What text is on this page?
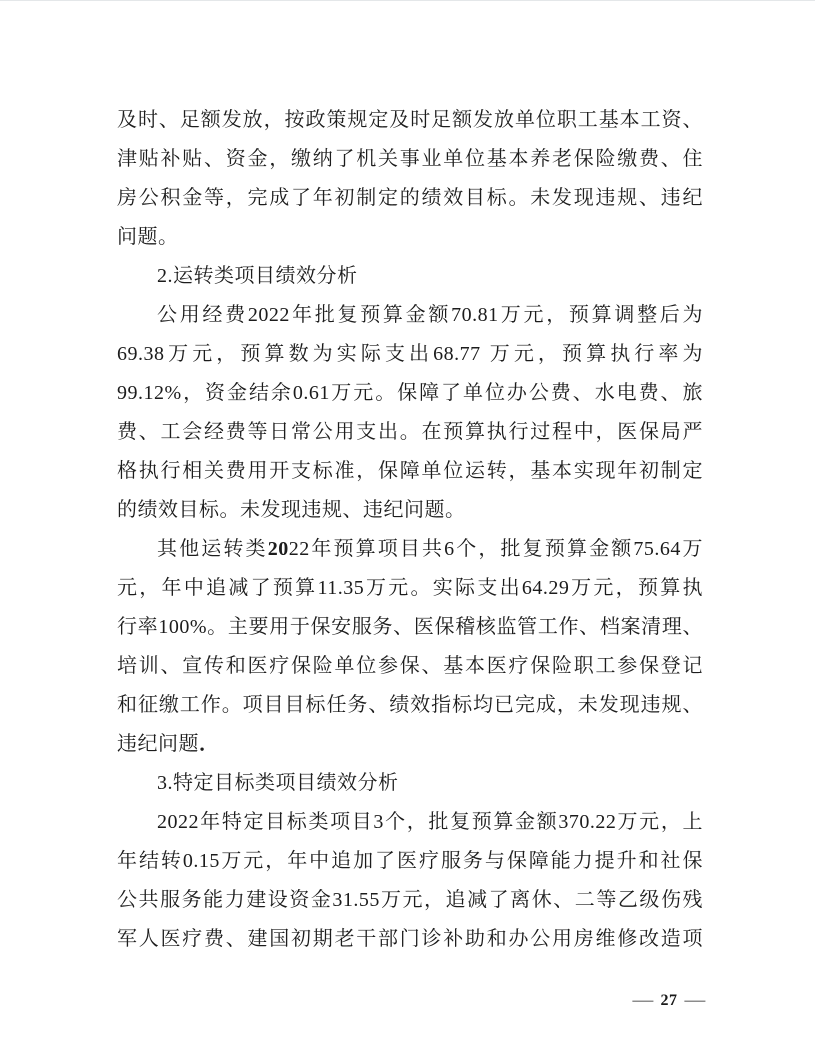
及时、足额发放，按政策规定及时足额发放单位职工基本工资、
津贴补贴、资金，缴纳了机关事业单位基本养老保险缴费、住
房公积金等，完成了年初制定的绩效目标。未发现违规、违纪
问题。
2.运转类项目绩效分析
公用经费2022年批复预算金额70.81万元，预算调整后为
69.38万元，预算数为实际支出68.77 万元，预算执行率为
99.12%，资金结余0.61万元。保障了单位办公费、水电费、旅
费、工会经费等日常公用支出。在预算执行过程中，医保局严
格执行相关费用开支标准，保障单位运转，基本实现年初制定
的绩效目标。未发现违规、违纪问题。
其他运转类2022年预算项目共6个，批复预算金额75.64万
元，年中追减了预算11.35万元。实际支出64.29万元，预算执
行率100%。主要用于保安服务、医保稽核监管工作、档案清理、
培训、宣传和医疗保险单位参保、基本医疗保险职工参保登记
和征缴工作。项目目标任务、绩效指标均已完成，未发现违规、
违纪问题．
3.特定目标类项目绩效分析
2022年特定目标类项目3个，批复预算金额370.22万元，上
年结转0.15万元，年中追加了医疗服务与保障能力提升和社保
公共服务能力建设资金31.55万元，追减了离休、二等乙级伤残
军人医疗费、建国初期老干部门诊补助和办公用房维修改造项
— 27 —
